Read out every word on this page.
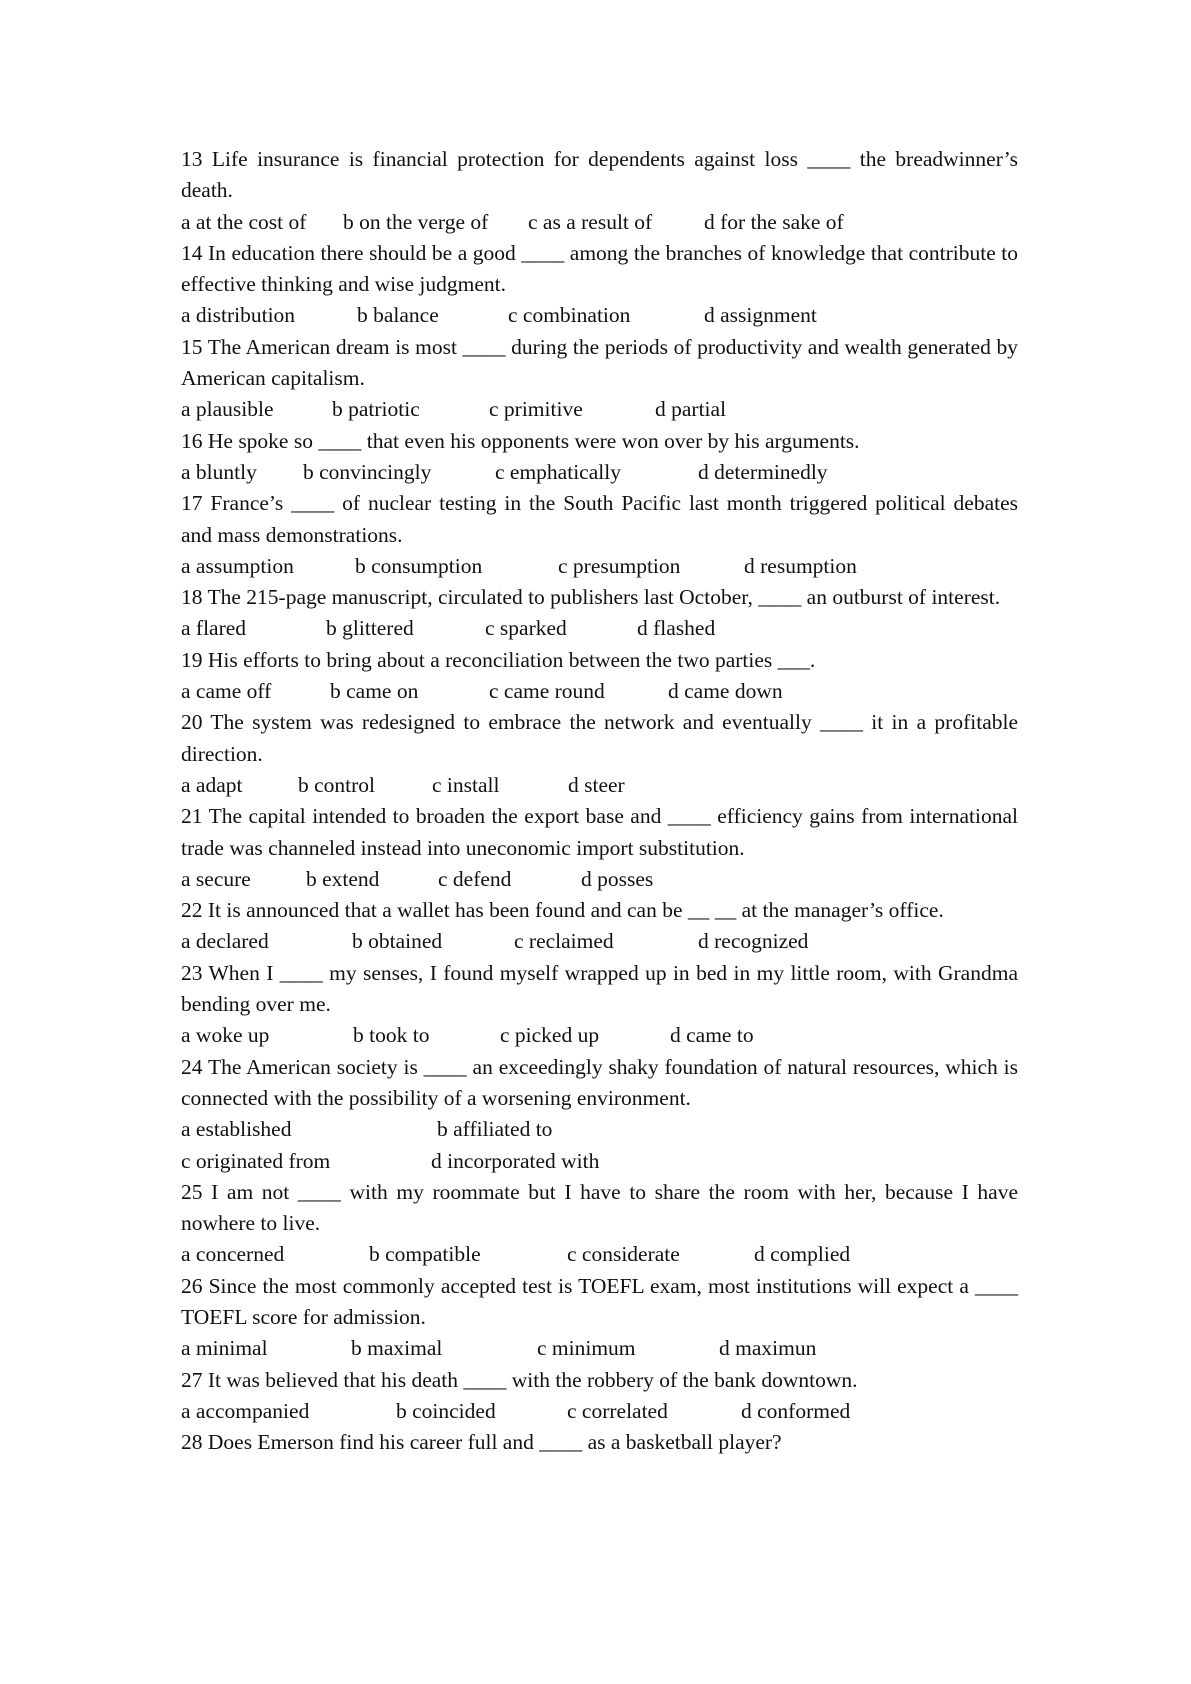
13 Life insurance is financial protection for dependents against loss ____ the breadwinner’s death.

a at the cost of	b on the verge of	c as a result of	d for the sake of

14 In education there should be a good ____ among the branches of knowledge that contribute to effective thinking and wise judgment.

a distribution	b balance	c combination	d assignment

15 The American dream is most ____ during the periods of productivity and wealth generated by American capitalism.

a plausible	b patriotic	c primitive	d partial

16 He spoke so ____ that even his opponents were won over by his arguments.

a bluntly	b convincingly	c emphatically	d determinedly

17 France’s ____ of nuclear testing in the South Pacific last month triggered political debates and mass demonstrations.

a assumption	b consumption	c presumption	d resumption

18 The 215-page manuscript, circulated to publishers last October, ____ an outburst of interest.

a flared	b glittered	c sparked	d flashed

19 His efforts to bring about a reconciliation between the two parties ___.

a came off	b came on	c came round	d came down

20 The system was redesigned to embrace the network and eventually ____ it in a profitable direction.

a adapt	b control	c install	d steer

21 The capital intended to broaden the export base and ____ efficiency gains from international trade was channeled instead into uneconomic import substitution.

a secure	b extend	c defend	d posses

22 It is announced that a wallet has been found and can be __ __ at the manager’s office.

a declared	b obtained	c reclaimed	d recognized

23 When I ____ my senses, I found myself wrapped up in bed in my little room, with Grandma bending over me.

a woke up	b took to	c picked up	d came to

24 The American society is ____ an exceedingly shaky foundation of natural resources, which is connected with the possibility of a worsening environment.

a established	b affiliated to
c originated from	d incorporated with

25 I am not ____ with my roommate but I have to share the room with her, because I have nowhere to live.

a concerned	b compatible	c considerate	d complied

26 Since the most commonly accepted test is TOEFL exam, most institutions will expect a ____ TOEFL score for admission.

a minimal	b maximal	c minimum	d maximun

27 It was believed that his death ____ with the robbery of the bank downtown.

a accompanied	b coincided	c correlated	d conformed

28 Does Emerson find his career full and ____ as a basketball player?
